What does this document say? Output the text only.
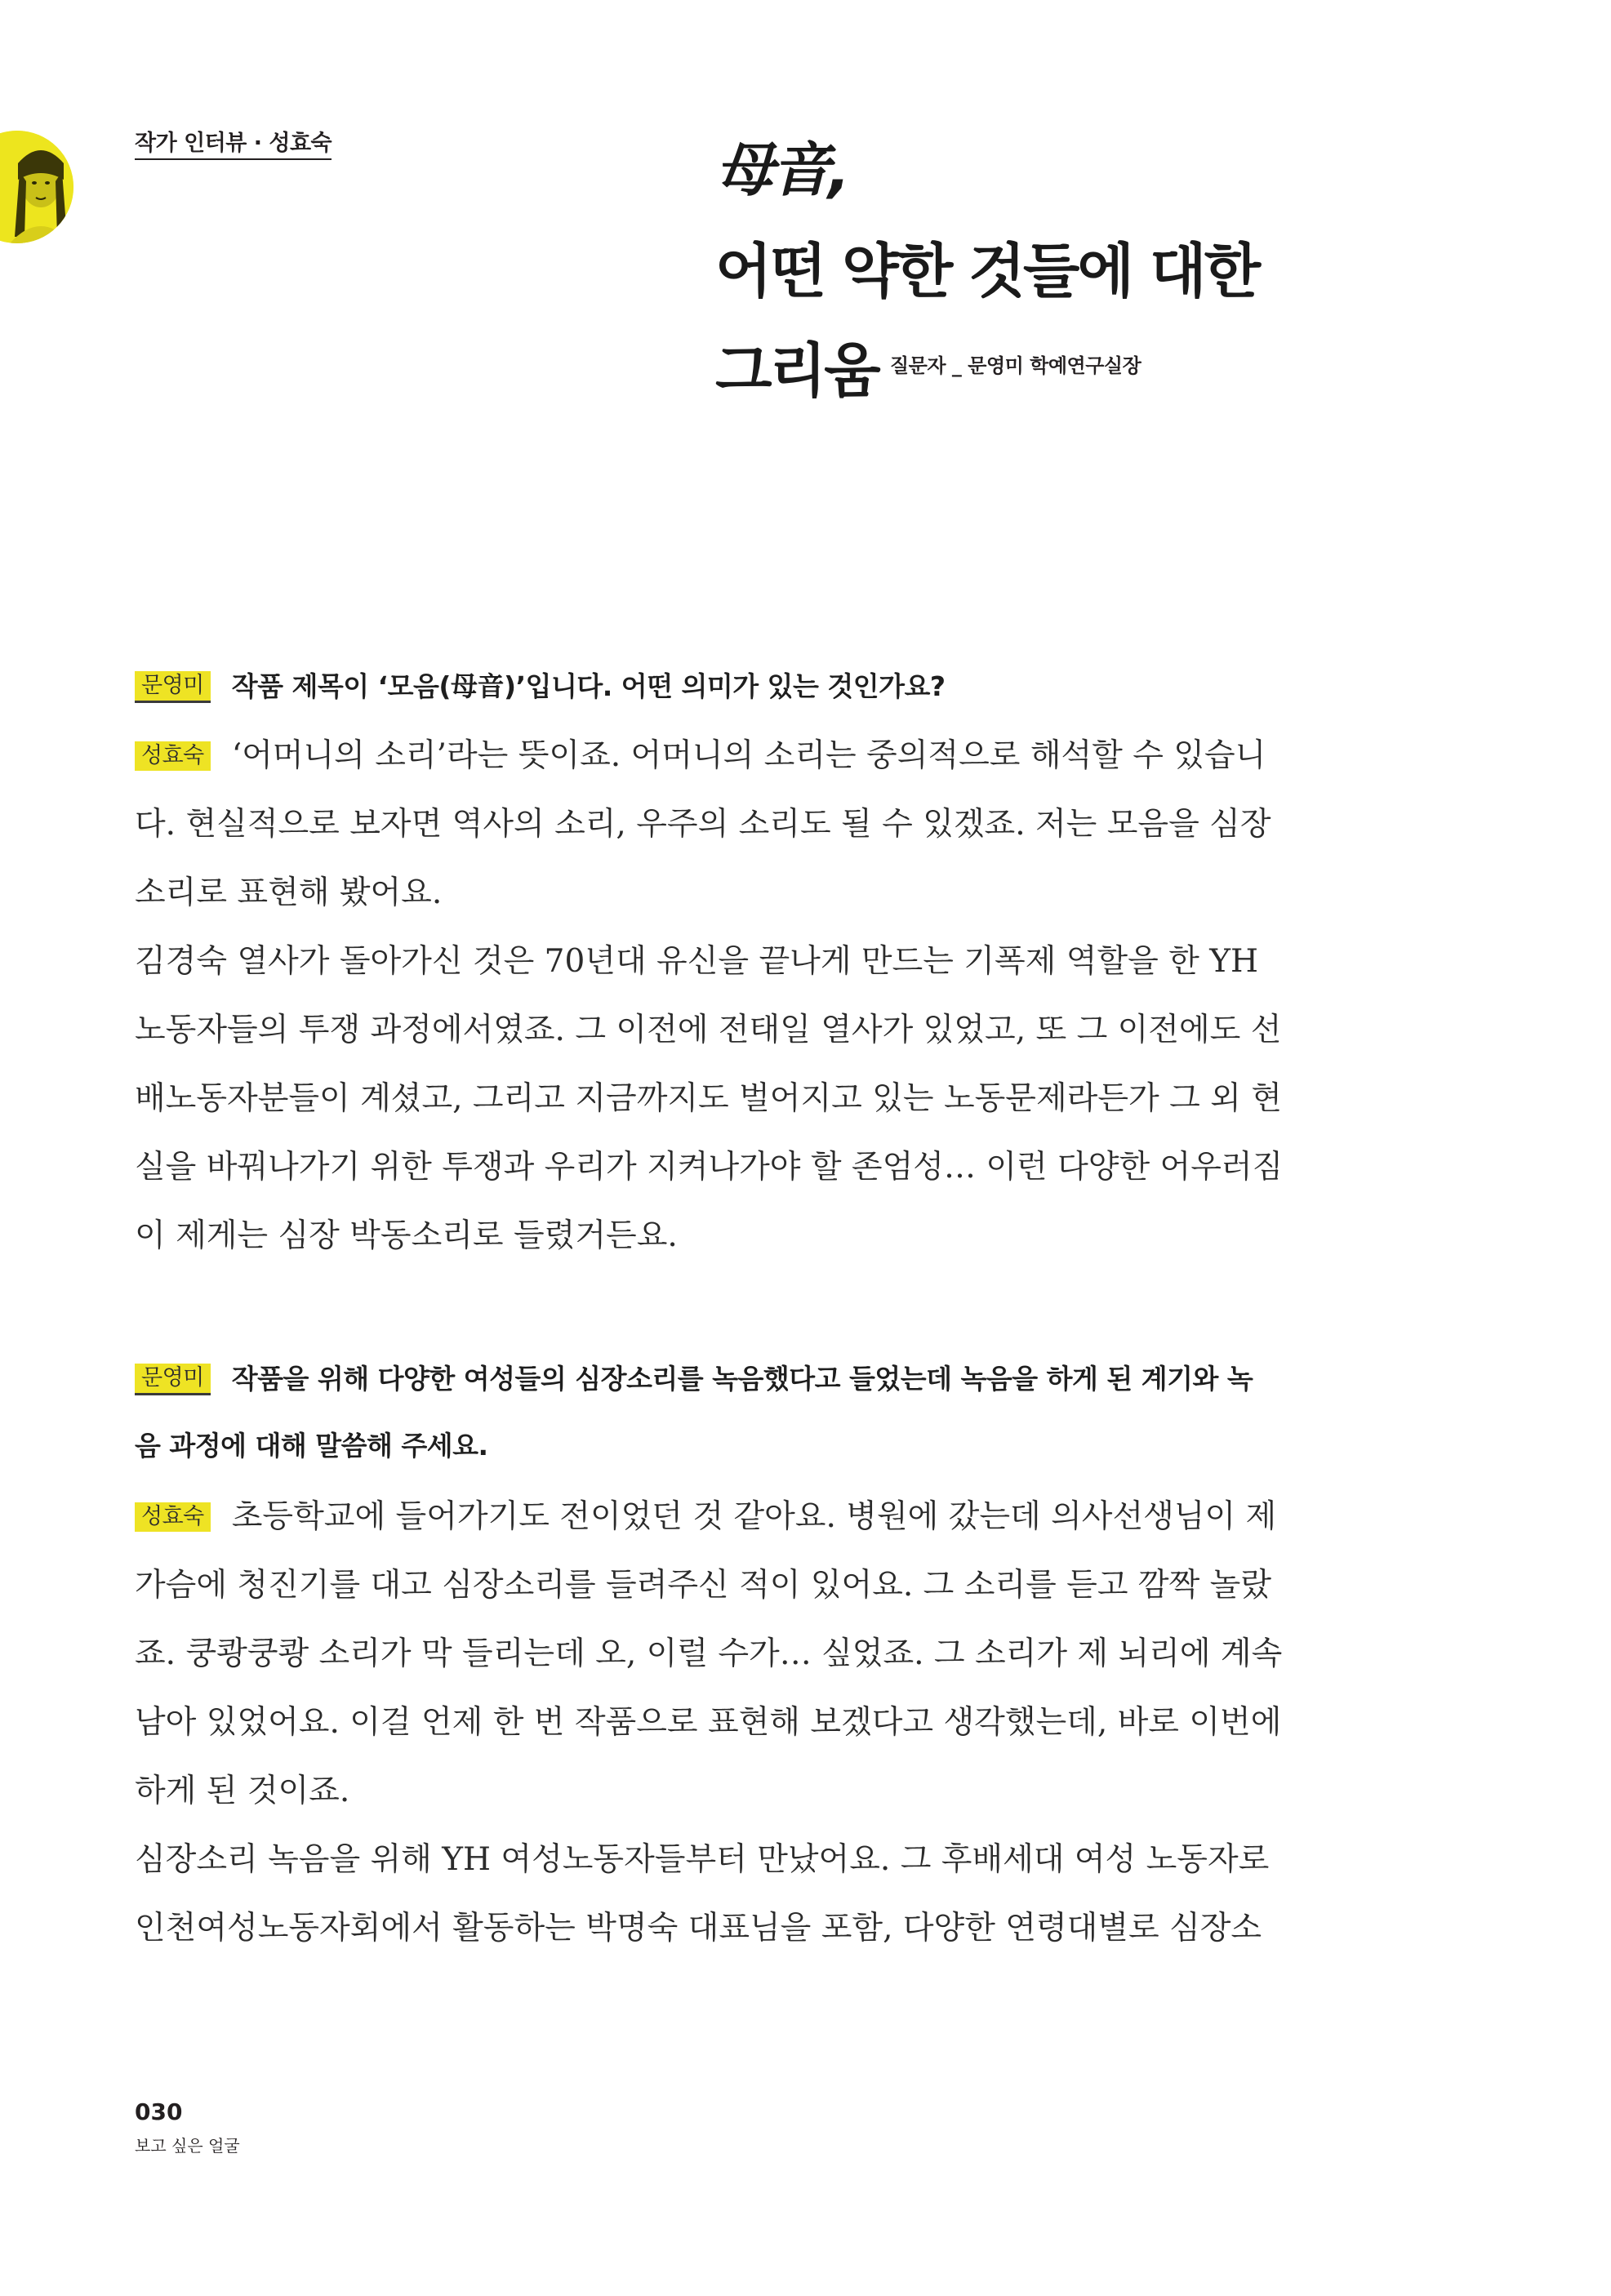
작가 인터뷰 · 성효숙	母音,
어떤 약한 것들에 대한
그리움 질문자 _ 문영미 학예연구실장
문영미 작품 제목이 ‘모음(母音)’입니다. 어떤 의미가 있는 것인가요?
성효숙 ‘어머니의 소리’라는 뜻이죠. 어머니의 소리는 중의적으로 해석할 수 있습니
다. 현실적으로 보자면 역사의 소리, 우주의 소리도 될 수 있겠죠. 저는 모음을 심장
소리로 표현해 봤어요.
김경숙 열사가 돌아가신 것은 70년대 유신을 끝나게 만드는 기폭제 역할을 한 YH
노동자들의 투쟁 과정에서였죠. 그 이전에 전태일 열사가 있었고, 또 그 이전에도 선
배노동자분들이 계셨고, 그리고 지금까지도 벌어지고 있는 노동문제라든가 그 외 현
실을 바꿔나가기 위한 투쟁과 우리가 지켜나가야 할 존엄성… 이런 다양한 어우러짐
이 제게는 심장 박동소리로 들렸거든요.
문영미 작품을 위해 다양한 여성들의 심장소리를 녹음했다고 들었는데 녹음을 하게 된 계기와 녹
음 과정에 대해 말씀해 주세요.
성효숙 초등학교에 들어가기도 전이었던 것 같아요. 병원에 갔는데 의사선생님이 제
가슴에 청진기를 대고 심장소리를 들려주신 적이 있어요. 그 소리를 듣고 깜짝 놀랐
죠. 쿵쾅쿵쾅 소리가 막 들리는데 오, 이럴 수가… 싶었죠. 그 소리가 제 뇌리에 계속
남아 있었어요. 이걸 언제 한 번 작품으로 표현해 보겠다고 생각했는데, 바로 이번에
하게 된 것이죠.
심장소리 녹음을 위해 YH 여성노동자들부터 만났어요. 그 후배세대 여성 노동자로
인천여성노동자회에서 활동하는 박명숙 대표님을 포함, 다양한 연령대별로 심장소
030
보고 싶은 얼굴
